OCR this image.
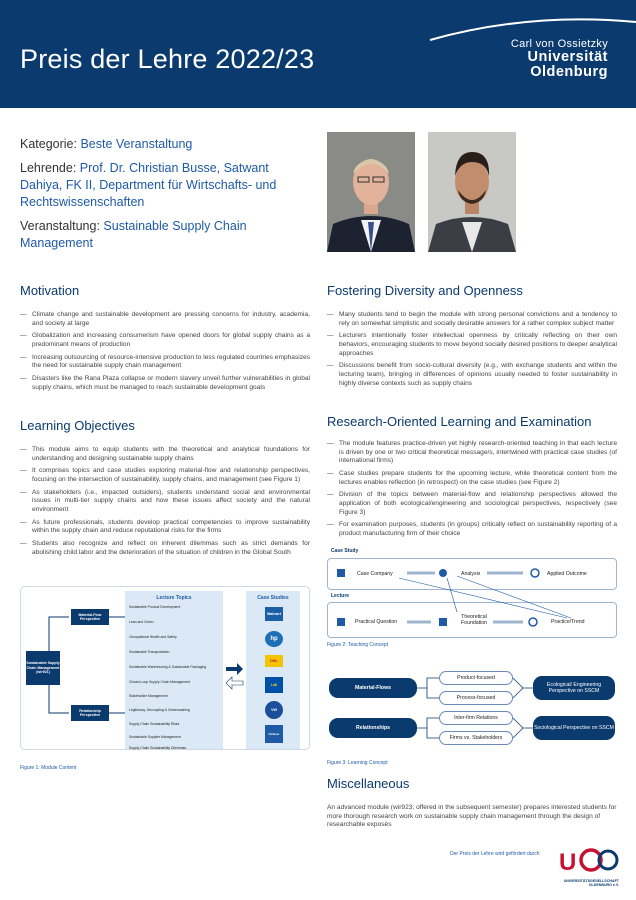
Preis der Lehre 2022/23	Carl von Ossietzky
Universität
Oldenburg
Kategorie: Beste Veranstaltung
Lehrende: Prof. Dr. Christian Busse, Satwant Dahiya, FK II, Department für Wirtschafts- und Rechtswissenschaften
Veranstaltung: Sustainable Supply Chain Management
Motivation
— Climate change and sustainable development are pressing concerns for industry, academia, and society at large
— Globalization and increasing consumerism have opened doors for global supply chains as a predominant means of production
— Increasing outsourcing of resource-intensive production to less regulated countries emphasizes the need for sustainable supply chain management
— Disasters like the Rana Plaza collapse or modern slavery unveil further vulnerabilities in global supply chains, which must be managed to reach sustainable development goals
Learning Objectives
— This module aims to equip students with the theoretical and analytical foundations for understanding and designing sustainable supply chains
— It comprises topics and case studies exploring material-flow and relationship perspectives, focusing on the intersection of sustainability, supply chains, and management (see Figure 1)
— As stakeholders (i.e., impacted outsiders), students understand social and environmental issues in multi-tier supply chains and how these issues affect society and the natural environment
— As future professionals, students develop practical competencies to improve sustainability within the supply chain and reduce reputational risks for the firms
— Students also recognize and reflect on inherent dilemmas such as strict demands for abolishing child labor and the deterioration of the situation of children in the Global South
Sustainable Supply Chain Management (wir921)
Material-Flow Perspective
Relationship Perspective
Lecture Topics
Sustainable Product Development
Lean and Green
Occupational Health and Safety
Sustainable Transportation
Sustainable Warehousing & Sustainable Packaging
Closed-Loop Supply Chain Management
Stakeholder Management
Legitimacy, Decoupling & Greenwashing
Supply Chain Sustainability Risks
Sustainable Supplier Management
Supply Chain Sustainability Dilemmas
Case Studies
Walmart
hp
DHL
Lidl
VW
Unilever
Figure 1: Module Content
Fostering Diversity and Openness
— Many students tend to begin the module with strong personal convictions and a tendency to rely on somewhat simplistic and socially desirable answers for a rather complex subject matter
— Lecturers intentionally foster intellectual openness by critically reflecting on their own behaviors, encouraging students to move beyond socially desired positions to deeper analytical approaches
— Discussions benefit from socio-cultural diversity (e.g., with exchange students and within the lecturing team), bringing in differences of opinions usually needed to foster sustainability in highly diverse contexts such as supply chains
Research-Oriented Learning and Examination
— The module features practice-driven yet highly research-oriented teaching in that each lecture is driven by one or two critical theoretical message/s, intertwined with practical case studies (of international firms)
— Case studies prepare students for the upcoming lecture, while theoretical content from the lectures enables reflection (in retrospect) on the case studies (see Figure 2)
— Division of the topics between material-flow and relationship perspectives allowed the application of both ecological/engineering and sociological perspectives, respectively (see Figure 3)
— For examination purposes, students (in groups) critically reflect on sustainability reporting of a product manufacturing firm of their choice
Case Study
Lecture
Case Company	Analysis	Applied Outcome
Practical Question
Theoretical Foundation	Practice/Trend
Figure 2: Teaching Concept
Material-Flows
Relationships
Product-focused
Process-focused
Inter-firm Relations
Firms vs. Stakeholders
Ecological/ Engineering Perspective on SSCM
Sociological Perspective on SSCM
Figure 3: Learning Concept
Miscellaneous
An advanced module (wir923; offered in the subsequent semester) prepares interested students for more thorough research work on sustainable supply chain management through the design of researchable exposés
Der Preis der Lehre wird gefördert durch U
UNIVERSITÄTSGESELLSCHAFT
OLDENBURG e.V.
